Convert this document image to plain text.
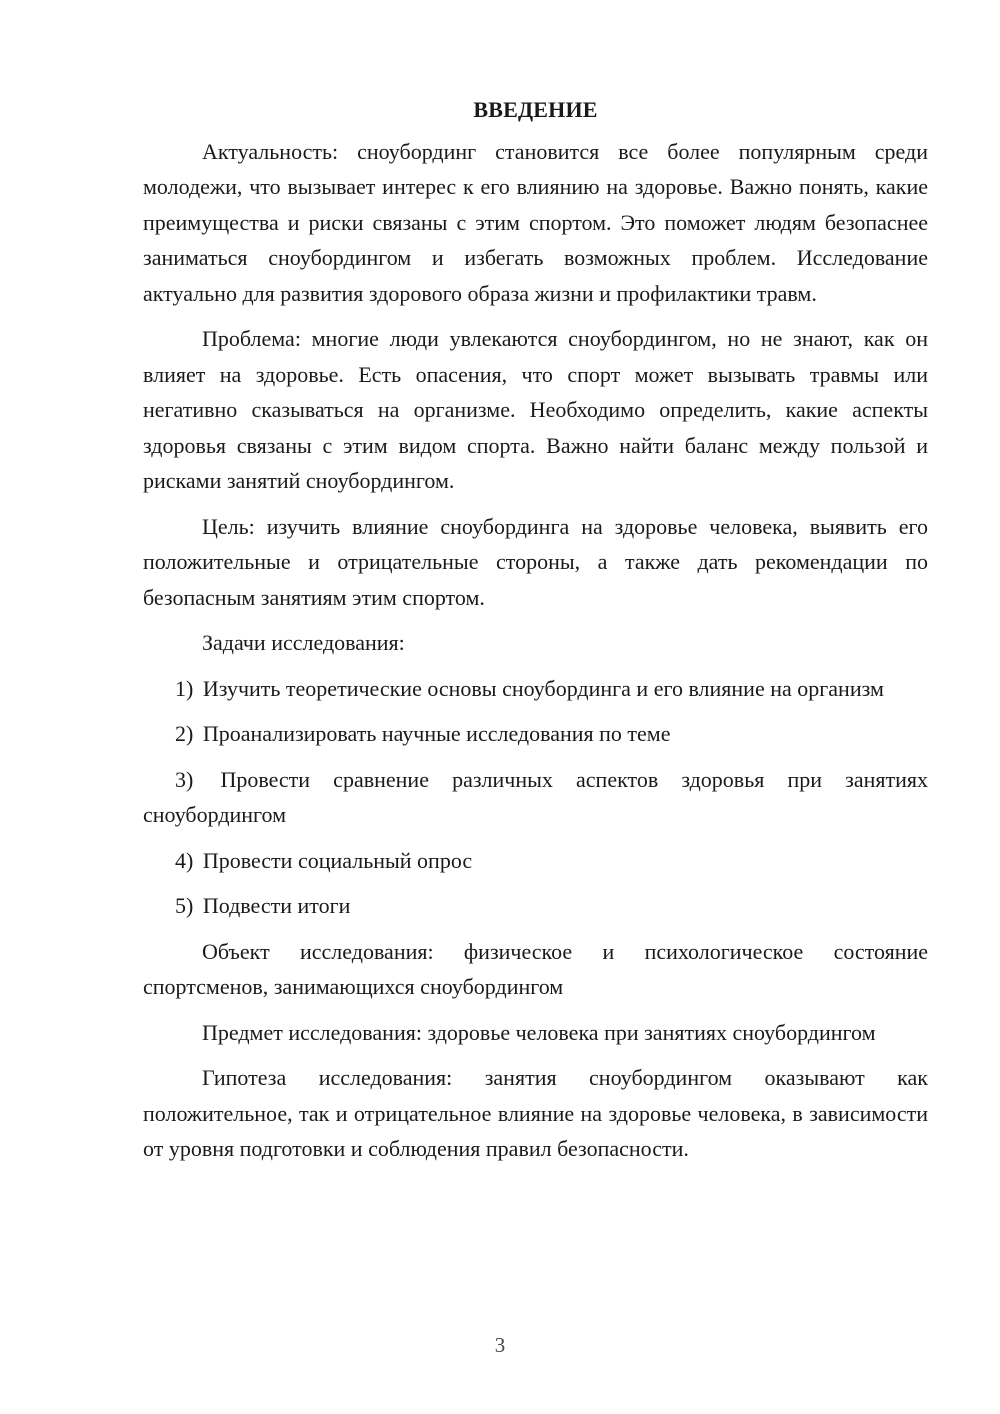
ВВЕДЕНИЕ

Актуальность: сноубординг становится все более популярным среди молодежи, что вызывает интерес к его влиянию на здоровье. Важно понять, какие преимущества и риски связаны с этим спортом. Это поможет людям безопаснее заниматься сноубордингом и избегать возможных проблем. Исследование актуально для развития здорового образа жизни и профилактики травм.

Проблема: многие люди увлекаются сноубордингом, но не знают, как он влияет на здоровье. Есть опасения, что спорт может вызывать травмы или негативно сказываться на организме. Необходимо определить, какие аспекты здоровья связаны с этим видом спорта. Важно найти баланс между пользой и рисками занятий сноубордингом.

Цель: изучить влияние сноубординга на здоровье человека, выявить его положительные и отрицательные стороны, а также дать рекомендации по безопасным занятиям этим спортом.

Задачи исследования:

1) Изучить теоретические основы сноубординга и его влияние на организм

2) Проанализировать научные исследования по теме

3) Провести сравнение различных аспектов здоровья при занятиях сноубордингом

4) Провести социальный опрос

5) Подвести итоги

Объект исследования: физическое и психологическое состояние спортсменов, занимающихся сноубордингом

Предмет исследования: здоровье человека при занятиях сноубордингом

Гипотеза исследования: занятия сноубордингом оказывают как положительное, так и отрицательное влияние на здоровье человека, в зависимости от уровня подготовки и соблюдения правил безопасности.

3
